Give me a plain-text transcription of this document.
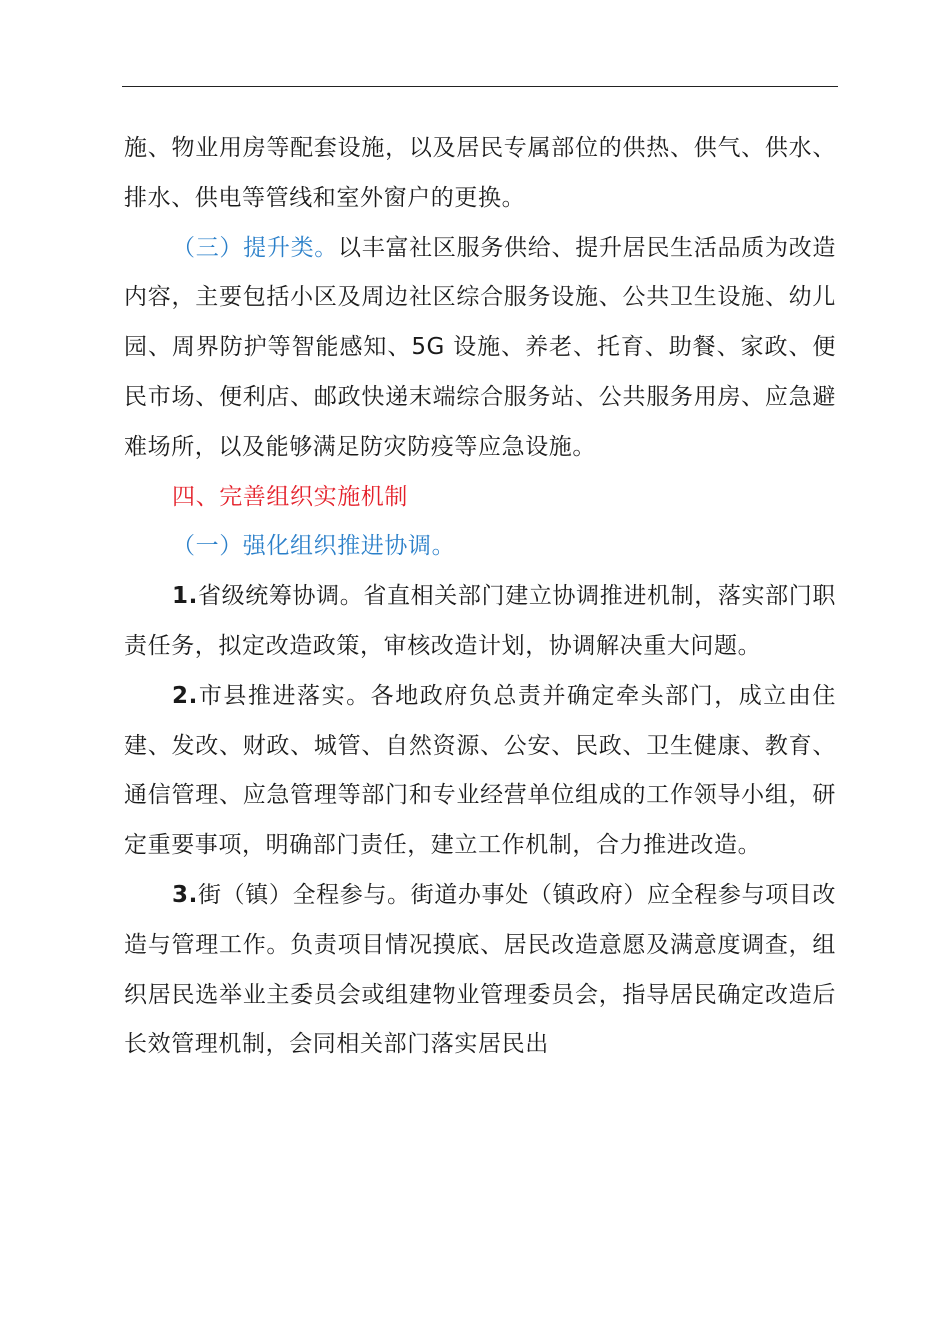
施、物业用房等配套设施，以及居民专属部位的供热、供气、供水、排水、供电等管线和室外窗户的更换。

（三）提升类。以丰富社区服务供给、提升居民生活品质为改造内容，主要包括小区及周边社区综合服务设施、公共卫生设施、幼儿园、周界防护等智能感知、5G 设施、养老、托育、助餐、家政、便民市场、便利店、邮政快递末端综合服务站、公共服务用房、应急避难场所，以及能够满足防灾防疫等应急设施。

四、完善组织实施机制

（一）强化组织推进协调。

1.省级统筹协调。省直相关部门建立协调推进机制，落实部门职责任务，拟定改造政策，审核改造计划，协调解决重大问题。

2.市县推进落实。各地政府负总责并确定牵头部门，成立由住建、发改、财政、城管、自然资源、公安、民政、卫生健康、教育、通信管理、应急管理等部门和专业经营单位组成的工作领导小组，研定重要事项，明确部门责任，建立工作机制，合力推进改造。

3.街（镇）全程参与。街道办事处（镇政府）应全程参与项目改造与管理工作。负责项目情况摸底、居民改造意愿及满意度调查，组织居民选举业主委员会或组建物业管理委员会，指导居民确定改造后长效管理机制，会同相关部门落实居民出
